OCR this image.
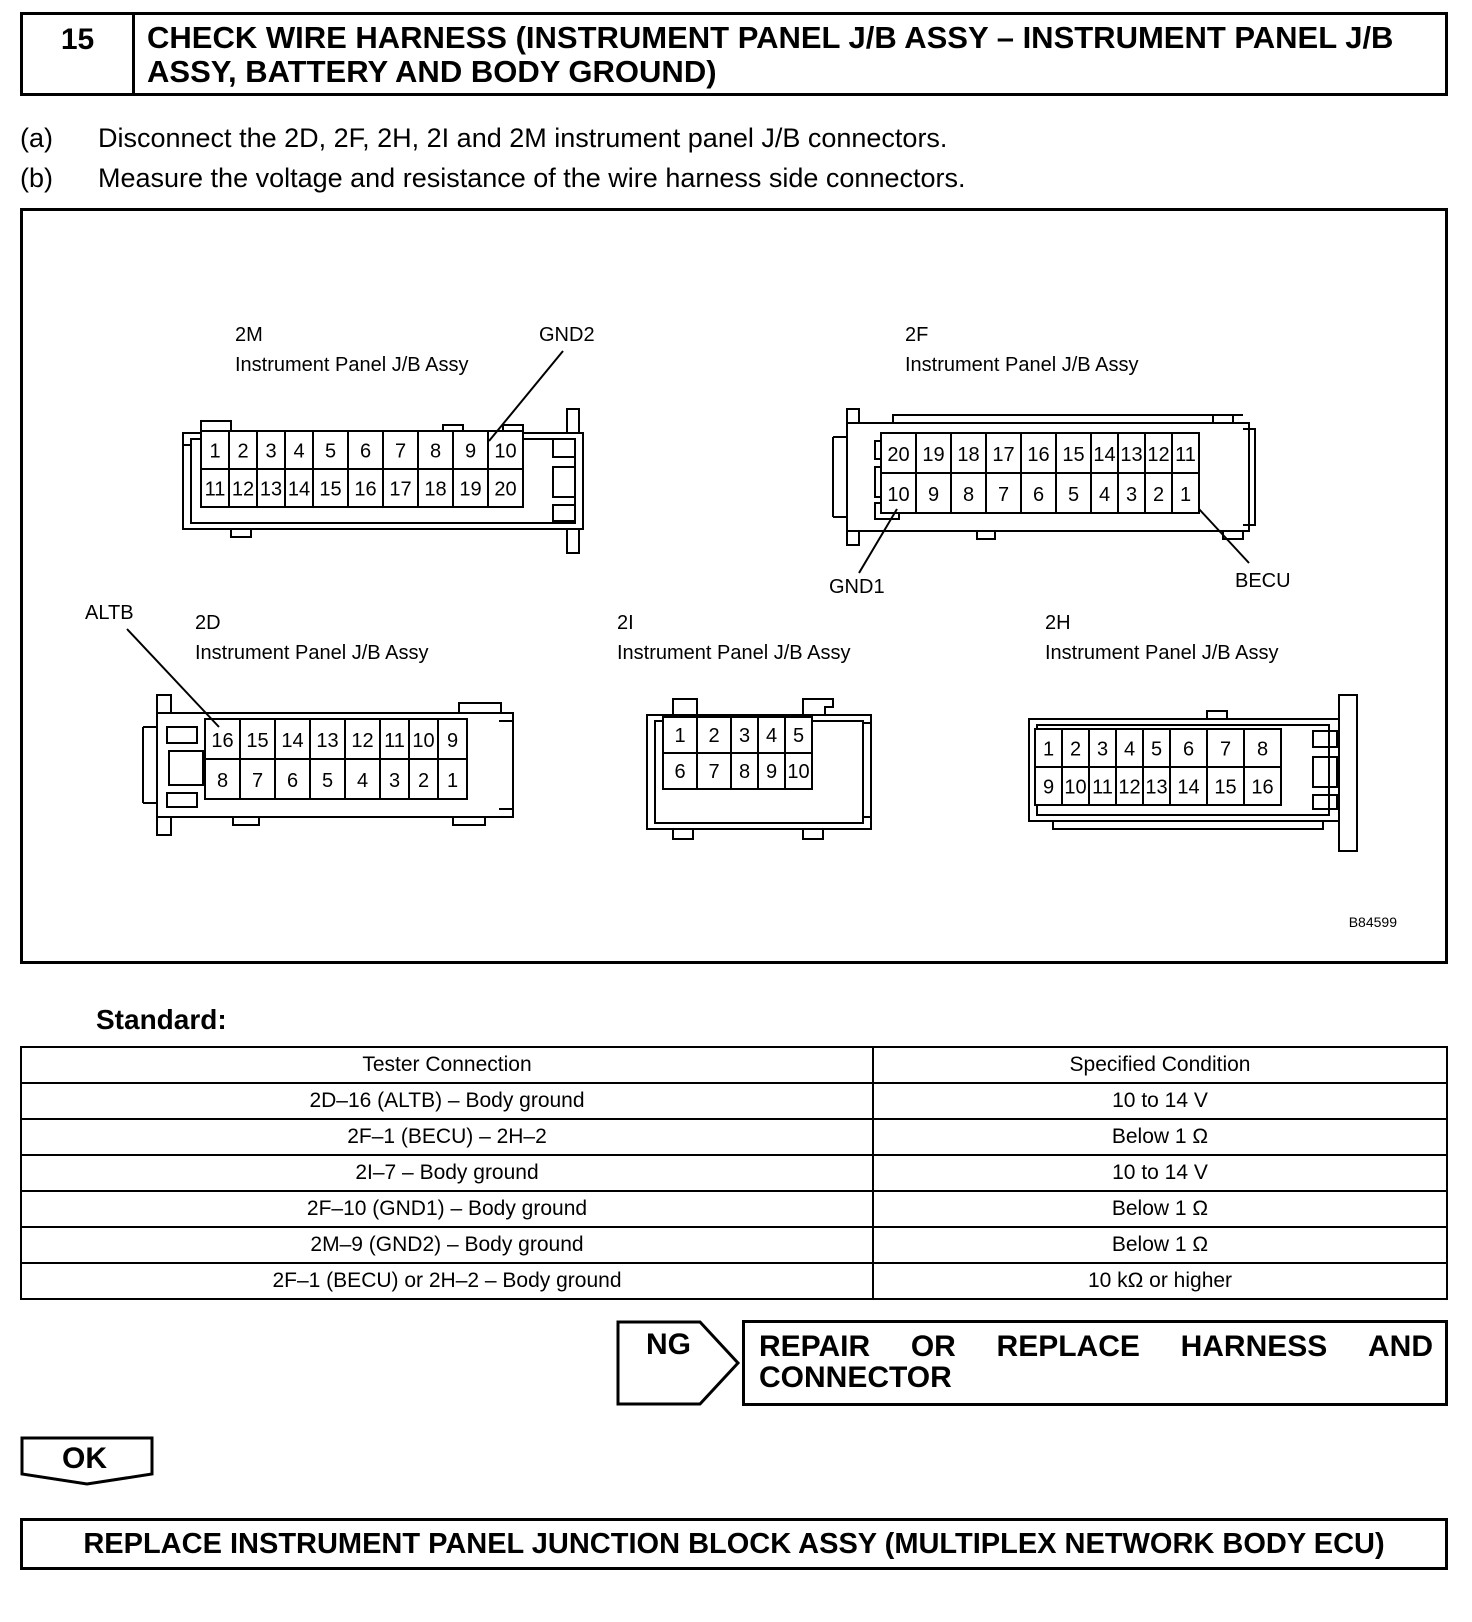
15	CHECK WIRE HARNESS (INSTRUMENT PANEL J/B ASSY – INSTRUMENT PANEL J/B ASSY, BATTERY AND BODY GROUND)
(a) Disconnect the 2D, 2F, 2H, 2I and 2M instrument panel J/B connectors.
(b) Measure the voltage and resistance of the wire harness side connectors.
1 2 3 4 5 6 7 8 9 10
11 12 13 14 15 16 17 18 19 20
20 19 18 17 16 15 14 13 12 11
10 9 8 7 6 5 4 3 2 1
16 15 14 13 12 11 10 9
8 7 6 5 4 3 2 1
1 2 3 4 5
6 7 8 9 10
1 2 3 4 5 6 7 8
9 10 11 12 13 14 15 16
2M
Instrument Panel J/B Assy
GND2	2F
Instrument Panel J/B Assy
GND1	BECU
ALTB	2D
Instrument Panel J/B Assy
2I
Instrument Panel J/B Assy
2H
Instrument Panel J/B Assy
B84599
Standard:
Tester Connection	Specified Condition
2D–16 (ALTB) – Body ground	10 to 14 V
2F–1 (BECU) – 2H–2	Below 1 Ω
2I–7 – Body ground	10 to 14 V
2F–10 (GND1) – Body ground	Below 1 Ω
2M–9 (GND2) – Body ground	Below 1 Ω
2F–1 (BECU) or 2H–2 – Body ground	10 kΩ or higher
NG REPAIR OR REPLACE HARNESS AND
CONNECTOR
OK
REPLACE INSTRUMENT PANEL JUNCTION BLOCK ASSY (MULTIPLEX NETWORK BODY ECU)
